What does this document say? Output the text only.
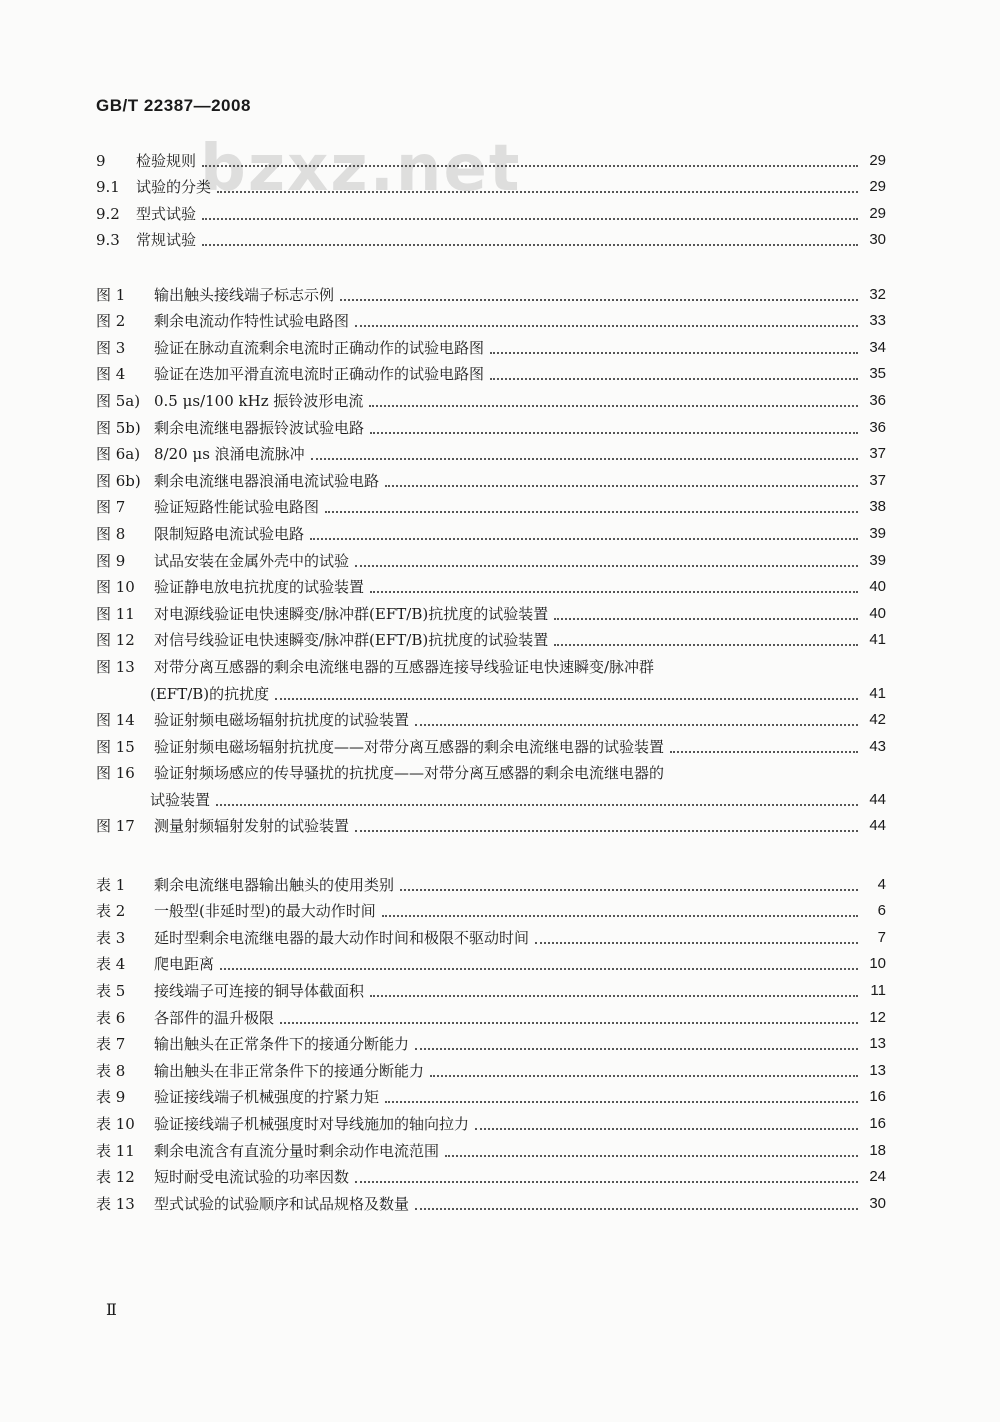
GB/T 22387—2008
bzxz.net
9	检验规则	29
9.1	试验的分类	29
9.2	型式试验	29
9.3	常规试验	30
图 1	输出触头接线端子标志示例	32
图 2	剩余电流动作特性试验电路图	33
图 3	验证在脉动直流剩余电流时正确动作的试验电路图	34
图 4	验证在迭加平滑直流电流时正确动作的试验电路图	35
图 5a) 0.5 μs/100 kHz 振铃波形电流	36
图 5b) 剩余电流继电器振铃波试验电路	36
图 6a) 8/20 μs 浪涌电流脉冲	37
图 6b) 剩余电流继电器浪涌电流试验电路	37
图 7	验证短路性能试验电路图	38
图 8	限制短路电流试验电路	39
图 9	试品安装在金属外壳中的试验	39
图 10	验证静电放电抗扰度的试验装置	40
图 11	对电源线验证电快速瞬变/脉冲群(EFT/B)抗扰度的试验装置	40
图 12	对信号线验证电快速瞬变/脉冲群(EFT/B)抗扰度的试验装置	41
图 13	对带分离互感器的剩余电流继电器的互感器连接导线验证电快速瞬变/脉冲群
(EFT/B)的抗扰度	41
图 14	验证射频电磁场辐射抗扰度的试验装置	42
图 15	验证射频电磁场辐射抗扰度——对带分离互感器的剩余电流继电器的试验装置	43
图 16	验证射频场感应的传导骚扰的抗扰度——对带分离互感器的剩余电流继电器的
试验装置	44
图 17	测量射频辐射发射的试验装置	44
表 1	剩余电流继电器输出触头的使用类别	4
表 2	一般型(非延时型)的最大动作时间	6
表 3	延时型剩余电流继电器的最大动作时间和极限不驱动时间	7
表 4	爬电距离	10
表 5	接线端子可连接的铜导体截面积	11
表 6	各部件的温升极限	12
表 7	输出触头在正常条件下的接通分断能力	13
表 8	输出触头在非正常条件下的接通分断能力	13
表 9	验证接线端子机械强度的拧紧力矩	16
表 10	验证接线端子机械强度时对导线施加的轴向拉力	16
表 11	剩余电流含有直流分量时剩余动作电流范围	18
表 12	短时耐受电流试验的功率因数	24
表 13	型式试验的试验顺序和试品规格及数量	30
Ⅱ
